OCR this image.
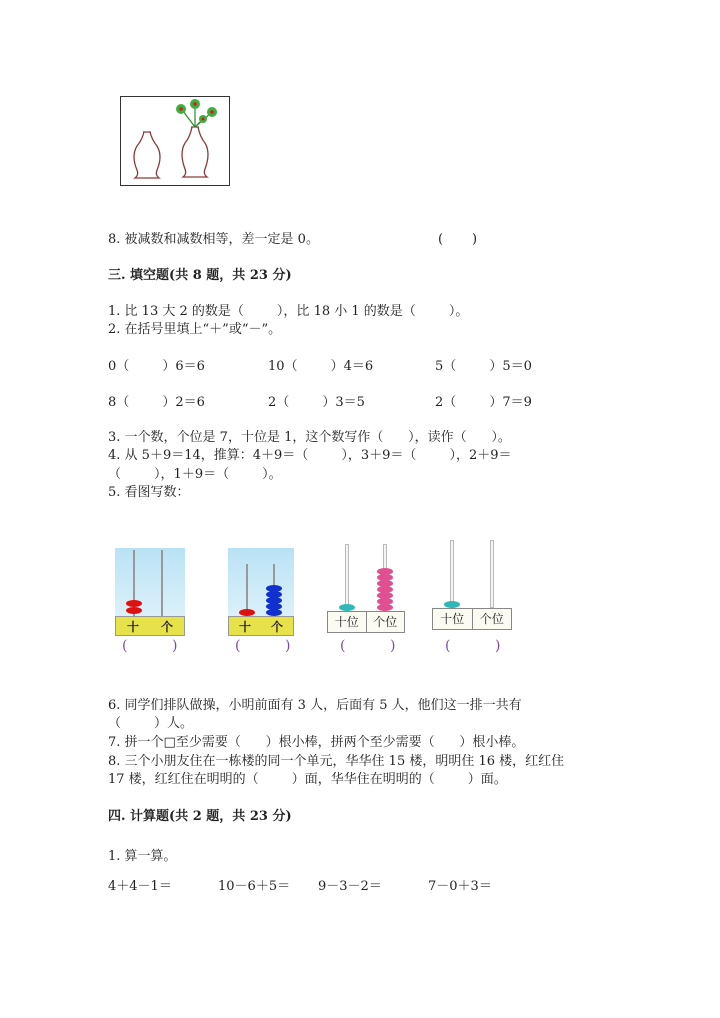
8. 被减数和减数相等，差一定是 0。	(       )
三. 填空题(共 8 题，共 23 分)
1. 比 13 大 2 的数是（        ），比 18 小 1 的数是（        ）。
2. 在括号里填上“＋”或“－”。
0（        ）6＝6	10（        ）4＝6	5（        ）5＝0
8（        ）2＝6	2（        ）3＝5	2（        ）7＝9
3. 一个数，个位是 7，十位是 1，这个数写作（      ），读作（      ）。
4. 从 5＋9＝14，推算：4＋9＝（        ），3＋9＝（        ），2＋9＝
（        ），1＋9＝（        ）。
5. 看图写数：
十 个	十 个	十位	个位	十位	个位
(          )	(          )	(          )	(          )
6. 同学们排队做操，小明前面有 3 人，后面有 5 人，他们这一排一共有
（        ）人。
7. 拼一个□至少需要（      ）根小棒，拼两个至少需要（      ）根小棒。
8. 三个小朋友住在一栋楼的同一个单元，华华住 15 楼，明明住 16 楼，红红住
17 楼，红红住在明明的（        ）面，华华住在明明的（        ）面。
四. 计算题(共 2 题，共 23 分)
1. 算一算。
4＋4－1＝	10－6＋5＝ 9－3－2＝	7－0＋3＝
